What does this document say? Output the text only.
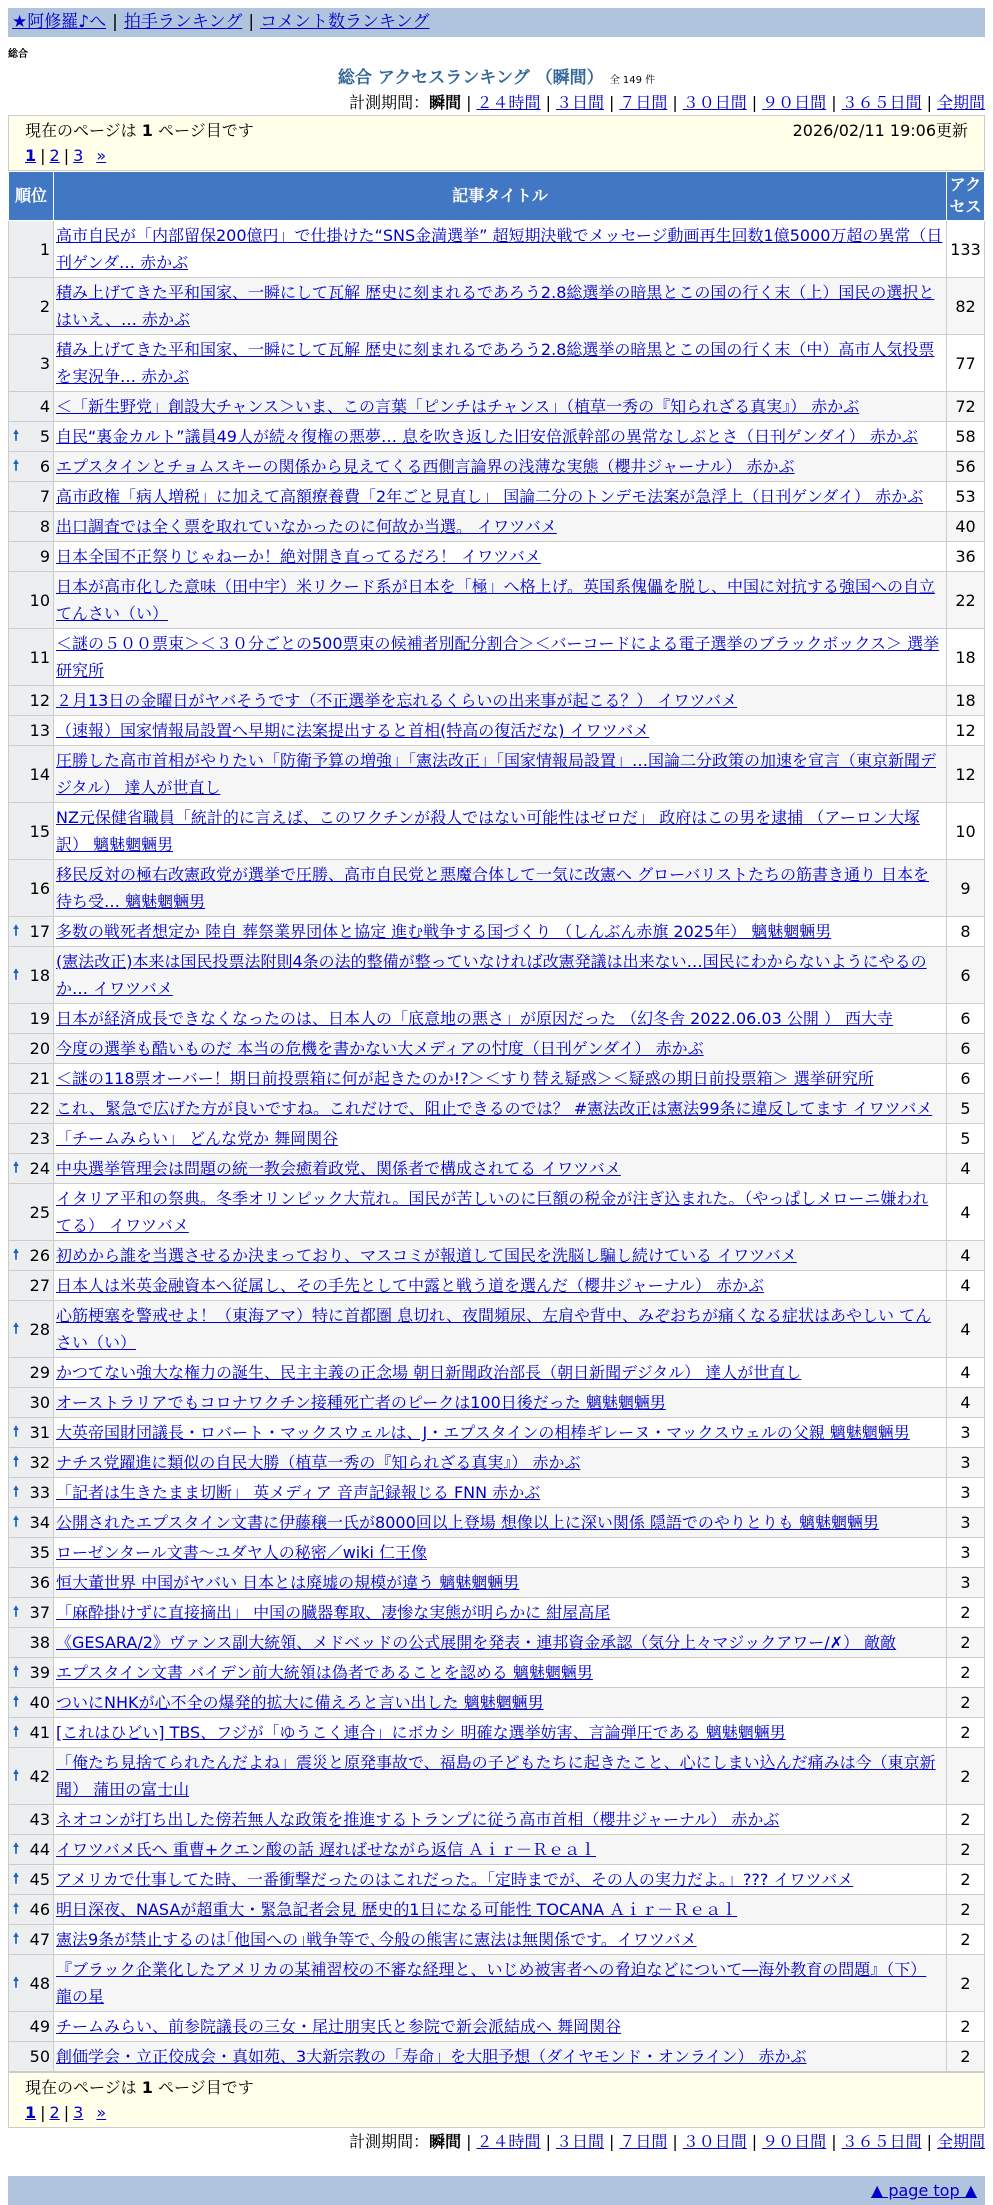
★阿修羅♪へ | 拍手ランキング | コメント数ランキング
総合
総合 アクセスランキング （瞬間） 全 149 件
計測期間：瞬間 | ２４時間 | ３日間 | ７日間 | ３０日間 | ９０日間 | ３６５日間 | 全期間
現在のページは 1 ページ目です	2026/02/11 19:06更新
1 | 2 | 3 »
順位	記事タイトル	アクセス
1	高市自民が「内部留保200億円」で仕掛けた“SNS金満選挙” 超短期決戦でメッセージ動画再生回数1億5000万超の異常（日刊ゲンダ… 赤かぶ	133
2	積み上げてきた平和国家、一瞬にして瓦解 歴史に刻まれるであろう2.8総選挙の暗黒とこの国の行く末（上）国民の選択とはいえ、… 赤かぶ	82
3	積み上げてきた平和国家、一瞬にして瓦解 歴史に刻まれるであろう2.8総選挙の暗黒とこの国の行く末（中）高市人気投票を実況争… 赤かぶ	77
4	＜「新生野党」創設大チャンス＞いま、この言葉「ピンチはチャンス」（植草一秀の『知られざる真実』） 赤かぶ	72

🠕 5	自民“裏金カルト”議員49人が続々復権の悪夢… 息を吹き返した旧安倍派幹部の異常なしぶとさ（日刊ゲンダイ） 赤かぶ	58

🠕 6	エプスタインとチョムスキーの関係から見えてくる西側言論界の浅薄な実態（櫻井ジャーナル） 赤かぶ	56
7	高市政権「病人増税」に加えて高額療養費「2年ごと見直し」 国論二分のトンデモ法案が急浮上（日刊ゲンダイ） 赤かぶ	53
8	出口調査では全く票を取れていなかったのに何故か当選。 イワツバメ	40
9	日本全国不正祭りじゃねーか！絶対開き直ってるだろ！ イワツバメ	36
10	日本が高市化した意味（田中宇）米リクード系が日本を「極」へ格上げ。英国系傀儡を脱し、中国に対抗する強国への自立てんさい（い）	22
11	＜謎の５００票束＞＜３０分ごとの500票束の候補者別配分割合＞＜バーコードによる電子選挙のブラックボックス＞ 選挙研究所	18
12	２月13日の金曜日がヤバそうです（不正選挙を忘れるくらいの出来事が起こる？） イワツバメ	18
13	（速報）国家情報局設置へ早期に法案提出すると首相(特高の復活だな) イワツバメ	12
14	圧勝した高市首相がやりたい「防衛予算の増強」「憲法改正」「国家情報局設置」…国論二分政策の加速を宣言（東京新聞デジタル） 達人が世直し	12
15	NZ元保健省職員「統計的に言えば、このワクチンが殺人ではない可能性はゼロだ」 政府はこの男を逮捕 （アーロン大塚訳） 魑魅魍魎男	10
16	移民反対の極右改憲政党が選挙で圧勝、高市自民党と悪魔合体して一気に改憲へ グローバリストたちの筋書き通り 日本を待ち受… 魑魅魍魎男	9

🠕 17	多数の戦死者想定か 陸自 葬祭業界団体と協定 進む戦争する国づくり （しんぶん赤旗 2025年） 魑魅魍魎男	8

🠕 18	(憲法改正)本来は国民投票法附則4条の法的整備が整っていなければ改憲発議は出来ない…国民にわからないようにやるのか… イワツバメ	6
19	日本が経済成長できなくなったのは、日本人の「底意地の悪さ」が原因だった （幻冬舎 2022.06.03 公開 ） 西大寺	6
20	今度の選挙も酷いものだ 本当の危機を書かない大メディアの忖度（日刊ゲンダイ） 赤かぶ	6
21	＜謎の118票オーバー！期日前投票箱に何が起きたのか!?＞＜すり替え疑惑＞＜疑惑の期日前投票箱＞ 選挙研究所	6
22	これ、緊急で広げた方が良いですね。これだけで、阻止できるのでは？ #憲法改正は憲法99条に違反してます イワツバメ	5
23	「チームみらい」 どんな党か 舞岡関谷	5

🠕 24	中央選挙管理会は問題の統一教会癒着政党、関係者で構成されてる イワツバメ	4
25	イタリア平和の祭典。冬季オリンピック大荒れ。国民が苦しいのに巨額の税金が注ぎ込まれた。（やっぱしメローニ嫌われてる） イワツバメ	4

🠕 26	初めから誰を当選させるか決まっており、マスコミが報道して国民を洗脳し騙し続けている イワツバメ	4
27	日本人は米英金融資本へ従属し、その手先として中露と戦う道を選んだ（櫻井ジャーナル） 赤かぶ	4

🠕 28	心筋梗塞を警戒せよ！（東海アマ）特に首都圏 息切れ、夜間頻尿、左肩や背中、みぞおちが痛くなる症状はあやしい てんさい（い）	4
29	かつてない強大な権力の誕生、民主主義の正念場 朝日新聞政治部長（朝日新聞デジタル） 達人が世直し	4
30	オーストラリアでもコロナワクチン接種死亡者のピークは100日後だった 魑魅魍魎男	4

🠕 31	大英帝国財団議長・ロバート・マックスウェルは、J・エプスタインの相棒ギレーヌ・マックスウェルの父親 魑魅魍魎男	3

🠕 32	ナチス党躍進に類似の自民大勝（植草一秀の『知られざる真実』） 赤かぶ	3

🠕 33	「記者は生きたまま切断」 英メディア 音声記録報じる FNN 赤かぶ	3

🠕 34	公開されたエプスタイン文書に伊藤穣一氏が8000回以上登場 想像以上に深い関係 隠語でのやりとりも 魑魅魍魎男	3
35	ローゼンタール文書～ユダヤ人の秘密／wiki 仁王像	3
36	恒大董世界 中国がヤバい 日本とは廃墟の規模が違う 魑魅魍魎男	3

🠕 37	「麻酔掛けずに直接摘出」 中国の臓器奪取、凄惨な実態が明らかに 紺屋高尾	2
38	《GESARA/2》ヴァンス副大統領、メドベッドの公式展開を発表・連邦資金承認（気分上々マジックアワー/✗） 敵敵	2

🠕 39	エプスタイン文書 バイデン前大統領は偽者であることを認める 魑魅魍魎男	2

🠕 40	ついにNHKが心不全の爆発的拡大に備えろと言い出した 魑魅魍魎男	2

🠕 41	[これはひどい] TBS、フジが「ゆうこく連合」にボカシ 明確な選挙妨害、言論弾圧である 魑魅魍魎男	2

🠕 42	「俺たち見捨てられたんだよね」震災と原発事故で、福島の子どもたちに起きたこと、心にしまい込んだ痛みは今（東京新聞） 蒲田の富士山	2
43	ネオコンが打ち出した傍若無人な政策を推進するトランプに従う高市首相（櫻井ジャーナル） 赤かぶ	2

🠕 44	イワツバメ氏へ 重曹+クエン酸の話 遅ればせながら返信 Ａｉｒ－Ｒｅａｌ	2

🠕 45	アメリカで仕事してた時、一番衝撃だったのはこれだった。「定時までが、その人の実力だよ。」??? イワツバメ	2

🠕 46	明日深夜、NASAが超重大・緊急記者会見 歴史的1日になる可能性 TOCANA Ａｉｒ－Ｒｅａｌ	2

🠕 47	憲法9条が禁止するのは｢他国への｣戦争等で､今般の熊害に憲法は無関係です。イワツバメ	2

🠕 48	『ブラック企業化したアメリカの某補習校の不審な経理と、いじめ被害者への脅迫などについて―海外教育の問題』（下） 龍の星	2
49	チームみらい、前参院議長の三女・尾辻朋実氏と参院で新会派結成へ 舞岡関谷	2
50	創価学会・立正佼成会・真如苑、3大新宗教の「寿命」を大胆予想（ダイヤモンド・オンライン） 赤かぶ	2
現在のページは 1 ページ目です
1 | 2 | 3 »
計測期間：瞬間 | ２４時間 | ３日間 | ７日間 | ３０日間 | ９０日間 | ３６５日間 | 全期間
▲ page top ▲
